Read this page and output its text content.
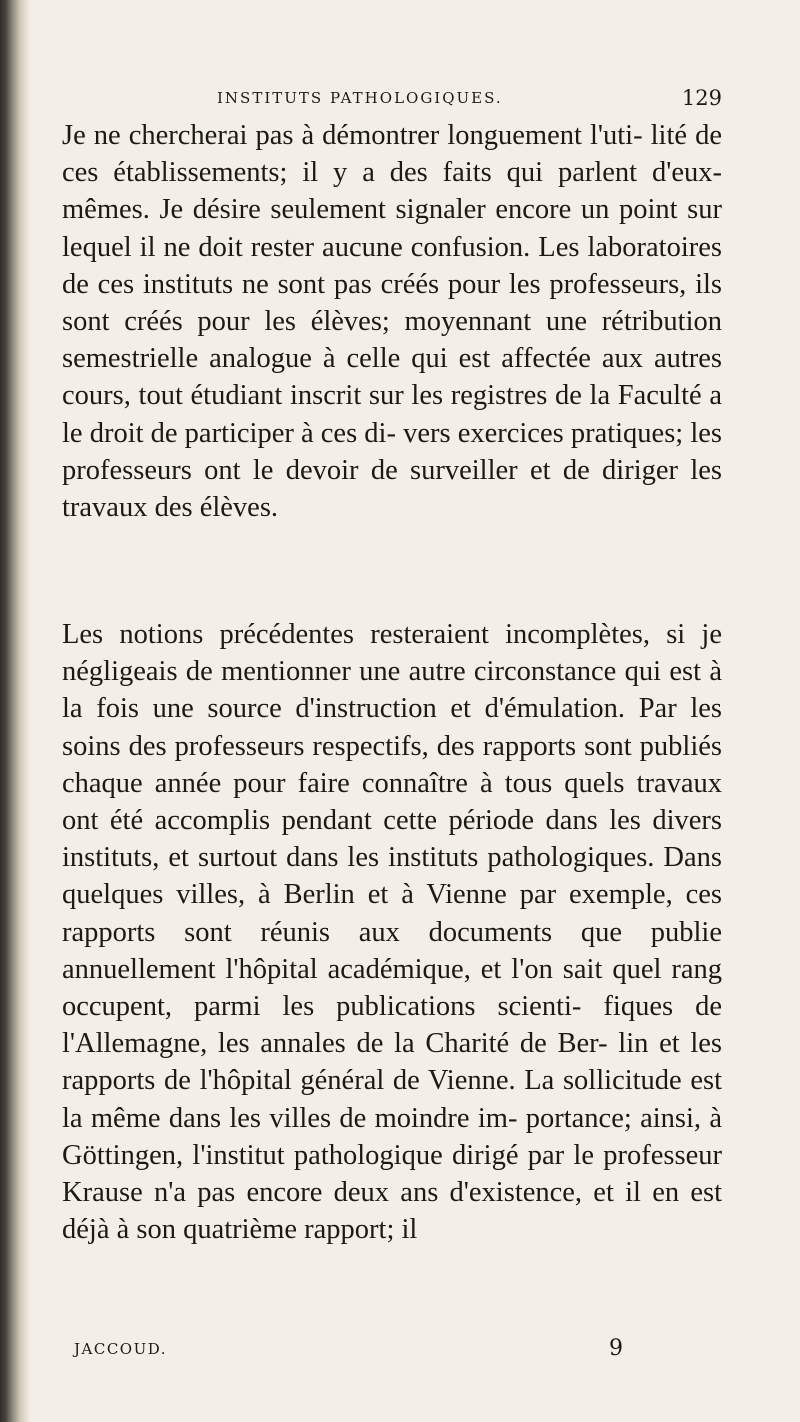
INSTITUTS PATHOLOGIQUES.	129

Je ne chercherai pas à démontrer longuement l'uti- lité de ces établissements; il y a des faits qui parlent d'eux-mêmes. Je désire seulement signaler encore un point sur lequel il ne doit rester aucune confusion. Les laboratoires de ces instituts ne sont pas créés pour les professeurs, ils sont créés pour les élèves; moyennant une rétribution semestrielle analogue à celle qui est affectée aux autres cours, tout étudiant inscrit sur les registres de la Faculté a le droit de participer à ces di- vers exercices pratiques; les professeurs ont le devoir de surveiller et de diriger les travaux des élèves.

Les notions précédentes resteraient incomplètes, si je négligeais de mentionner une autre circonstance qui est à la fois une source d'instruction et d'émulation. Par les soins des professeurs respectifs, des rapports sont publiés chaque année pour faire connaître à tous quels travaux ont été accomplis pendant cette période dans les divers instituts, et surtout dans les instituts pathologiques. Dans quelques villes, à Berlin et à Vienne par exemple, ces rapports sont réunis aux documents que publie annuellement l'hôpital académique, et l'on sait quel rang occupent, parmi les publications scienti- fiques de l'Allemagne, les annales de la Charité de Ber- lin et les rapports de l'hôpital général de Vienne. La sollicitude est la même dans les villes de moindre im- portance; ainsi, à Göttingen, l'institut pathologique dirigé par le professeur Krause n'a pas encore deux ans d'existence, et il en est déjà à son quatrième rapport; il

JACCOUD.	9
